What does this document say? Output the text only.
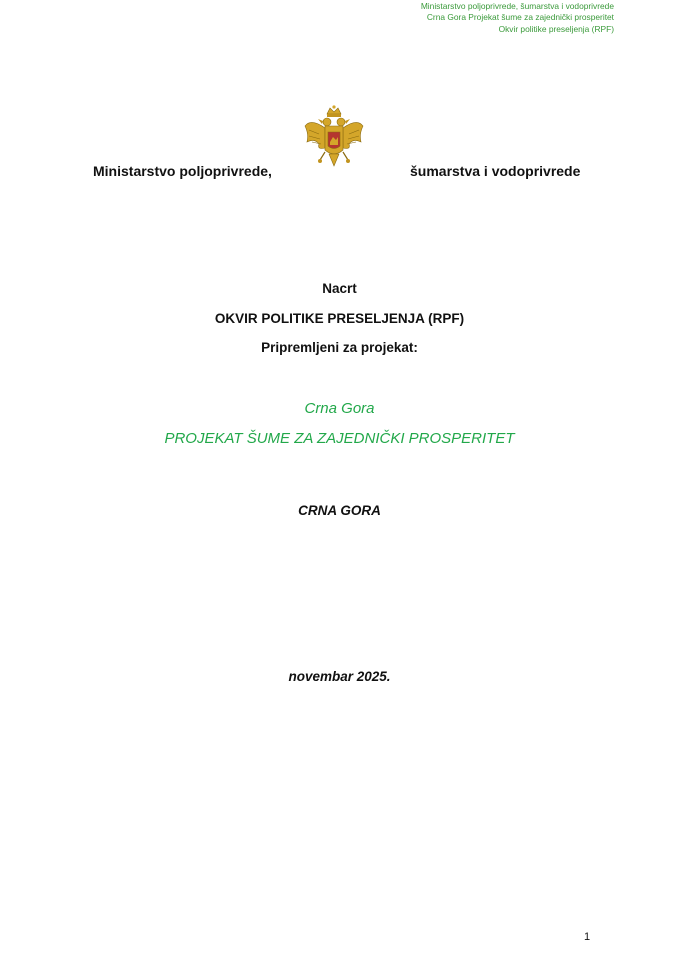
Ministarstvo poljoprivrede, šumarstva i vodoprivrede
Crna Gora Projekat šume za zajednički prosperitet
Okvir politike preseljenja (RPF)
Ministarstvo poljoprivrede,	šumarstva i vodoprivrede
Nacrt
OKVIR POLITIKE PRESELJENJA (RPF)
Pripremljeni za projekat:
Crna Gora
PROJEKAT ŠUME ZA ZAJEDNIČKI PROSPERITET
CRNA GORA
novembar 2025.
1
